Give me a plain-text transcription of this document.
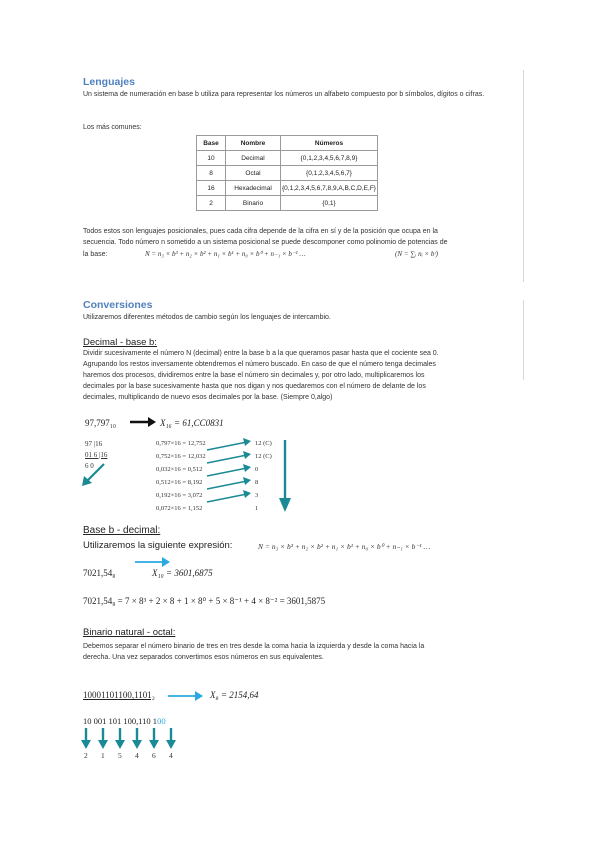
Lenguajes
Un sistema de numeración en base b utiliza para representar los números un alfabeto compuesto por b símbolos, dígitos o cifras.
Los más comunes:
Base	Nombre	Números
10	Decimal	{0,1,2,3,4,5,6,7,8,9}
8	Octal	{0,1,2,3,4,5,6,7}
16	Hexadecimal	{0,1,2,3,4,5,6,7,8,9,A,B,C,D,E,F}
2	Binario	{0,1}
Todos estos son lenguajes posicionales, pues cada cifra depende de la cifra en sí y de la posición que ocupa en la
secuencia. Todo número n sometido a un sistema posicional se puede descomponer como polinomio de potencias de
la base:	N = n₃ × b³ + n₂ × b² + n₁ × b¹ + n₀ × b⁰ + n₋₁ × b⁻¹ …	(N = ∑ᵢ nᵢ × bⁱ)
Conversiones
Utilizaremos diferentes métodos de cambio según los lenguajes de intercambio.
Decimal - base b:
Dividir sucesivamente el número N (decimal) entre la base b a la que queramos pasar hasta que el cociente sea 0.
Agrupando los restos inversamente obtendremos el número buscado. En caso de que el número tenga decimales
haremos dos procesos, dividiremos entre la base el número sin decimales y, por otro lado, multiplicaremos los
decimales por la base sucesivamente hasta que nos digan y nos quedaremos con el número de delante de los
decimales, multiplicando de nuevo esos decimales por la base. (Siempre 0,algo)
97,797₁₀	X₁₆ = 61,CC0831
97 |16
01 6 |16
6 0
0,797×16 = 12,752
0,752×16 = 12,032
0,032×16 = 0,512
0,512×16 = 8,192
0,192×16 = 3,072
0,072×16 = 1,152
12 (C)
12 (C)
0
8
3
1
Base b - decimal:
Utilizaremos la siguiente expresión:	N = n₃ × b³ + n₂ × b² + n₁ × b¹ + n₀ × b⁰ + n₋₁ × b⁻¹ …
7021,54₈	X₁₀ = 3601,6875
7021,54₈ = 7 × 8³ + 2 × 8 + 1 × 8⁰ + 5 × 8⁻¹ + 4 × 8⁻² = 3601,5875
Binario natural - octal:
Debemos separar el número binario de tres en tres desde la coma hacia la izquierda y desde la coma hacia la
derecha. Una vez separados convertimos esos números en sus equivalentes.
10001101100,1101₂	X₈ = 2154,64
10 001 101 100,110 100
2 1 5 4 6 4
